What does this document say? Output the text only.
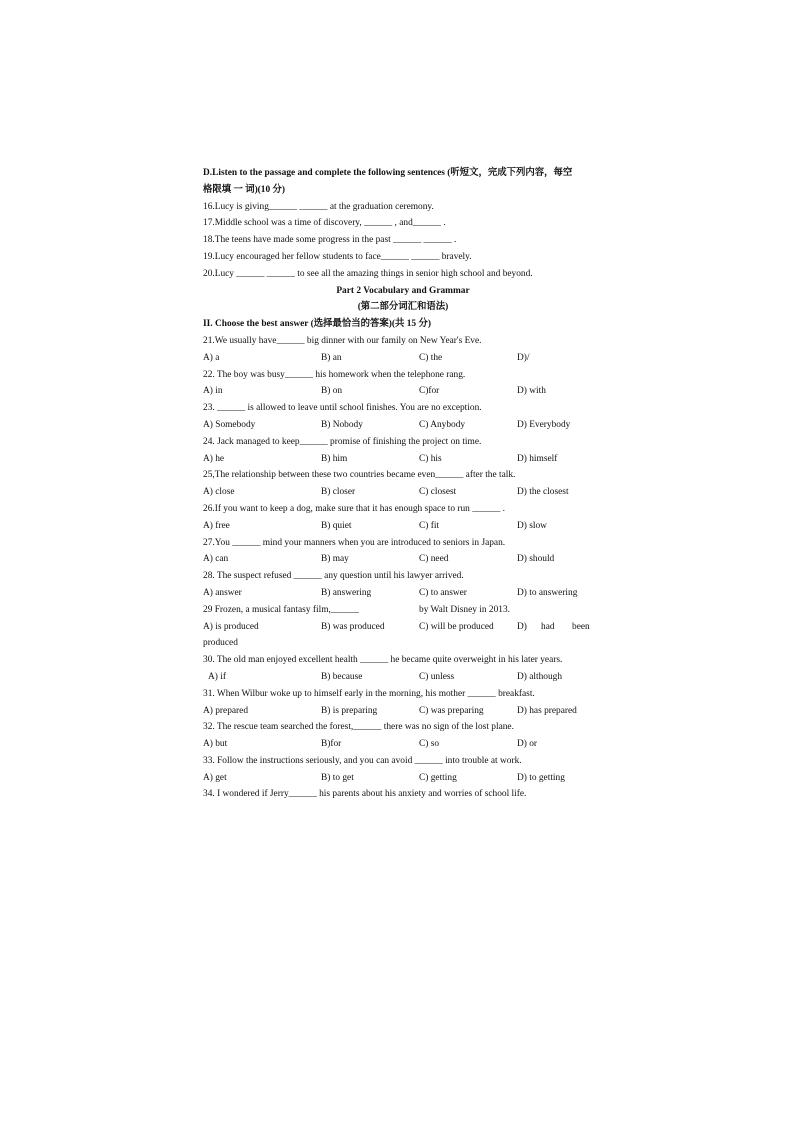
D.Listen to the passage and complete the following sentences (听短文，完成下列内容，每空
格限填 一 词)(10 分)
16.Lucy is giving______ ______ at the graduation ceremony.
17.Middle school was a time of discovery, ______ , and______ .
18.The teens have made some progress in the past ______ ______ .
19.Lucy encouraged her fellow students to face______ ______ bravely.
20.Lucy ______ ______ to see all the amazing things in senior high school and beyond.
Part 2 Vocabulary and Grammar
(第二部分词汇和语法)
II. Choose the best answer (选择最恰当的答案)(共 15 分)
21.We usually have______ big dinner with our family on New Year's Eve.
A) a	B) an	C) the	D)/
22. The boy was busy______ his homework when the telephone rang.
A) in	B) on	C)for	D) with
23. ______ is allowed to leave until school finishes. You are no exception.
A) Somebody	B) Nobody	C) Anybody	D) Everybody
24. Jack managed to keep______ promise of finishing the project on time.
A) he	B) him	C) his	D) himself
25,The relationship between these two countries became even______ after the talk.
A) close	B) closer	C) closest	D) the closest
26.If you want to keep a dog, make sure that it has enough space to run ______ .
A) free	B) quiet	C) fit	D) slow
27.You ______ mind your manners when you are introduced to seniors in Japan.
A) can	B) may	C) need	D) should
28. The suspect refused ______ any question until his lawyer arrived.
A) answer	B) answering	C) to answer	D) to answering
29 Frozen, a musical fantasy film,______	by Walt Disney in 2013.
A) is produced	B) was produced	C) will be produced D) had been
produced
30. The old man enjoyed excellent health ______ he became quite overweight in his later years.
A) if	B) because	C) unless	D) although
31. When Wilbur woke up to himself early in the morning, his mother ______ breakfast.
A) prepared	B) is preparing	C) was preparing	D) has prepared
32. The rescue team searched the forest,______ there was no sign of the lost plane.
A) but	B)for	C) so	D) or
33. Follow the instructions seriously, and you can avoid ______ into trouble at work.
A) get	B) to get	C) getting	D) to getting
34. I wondered if Jerry______ his parents about his anxiety and worries of school life.
